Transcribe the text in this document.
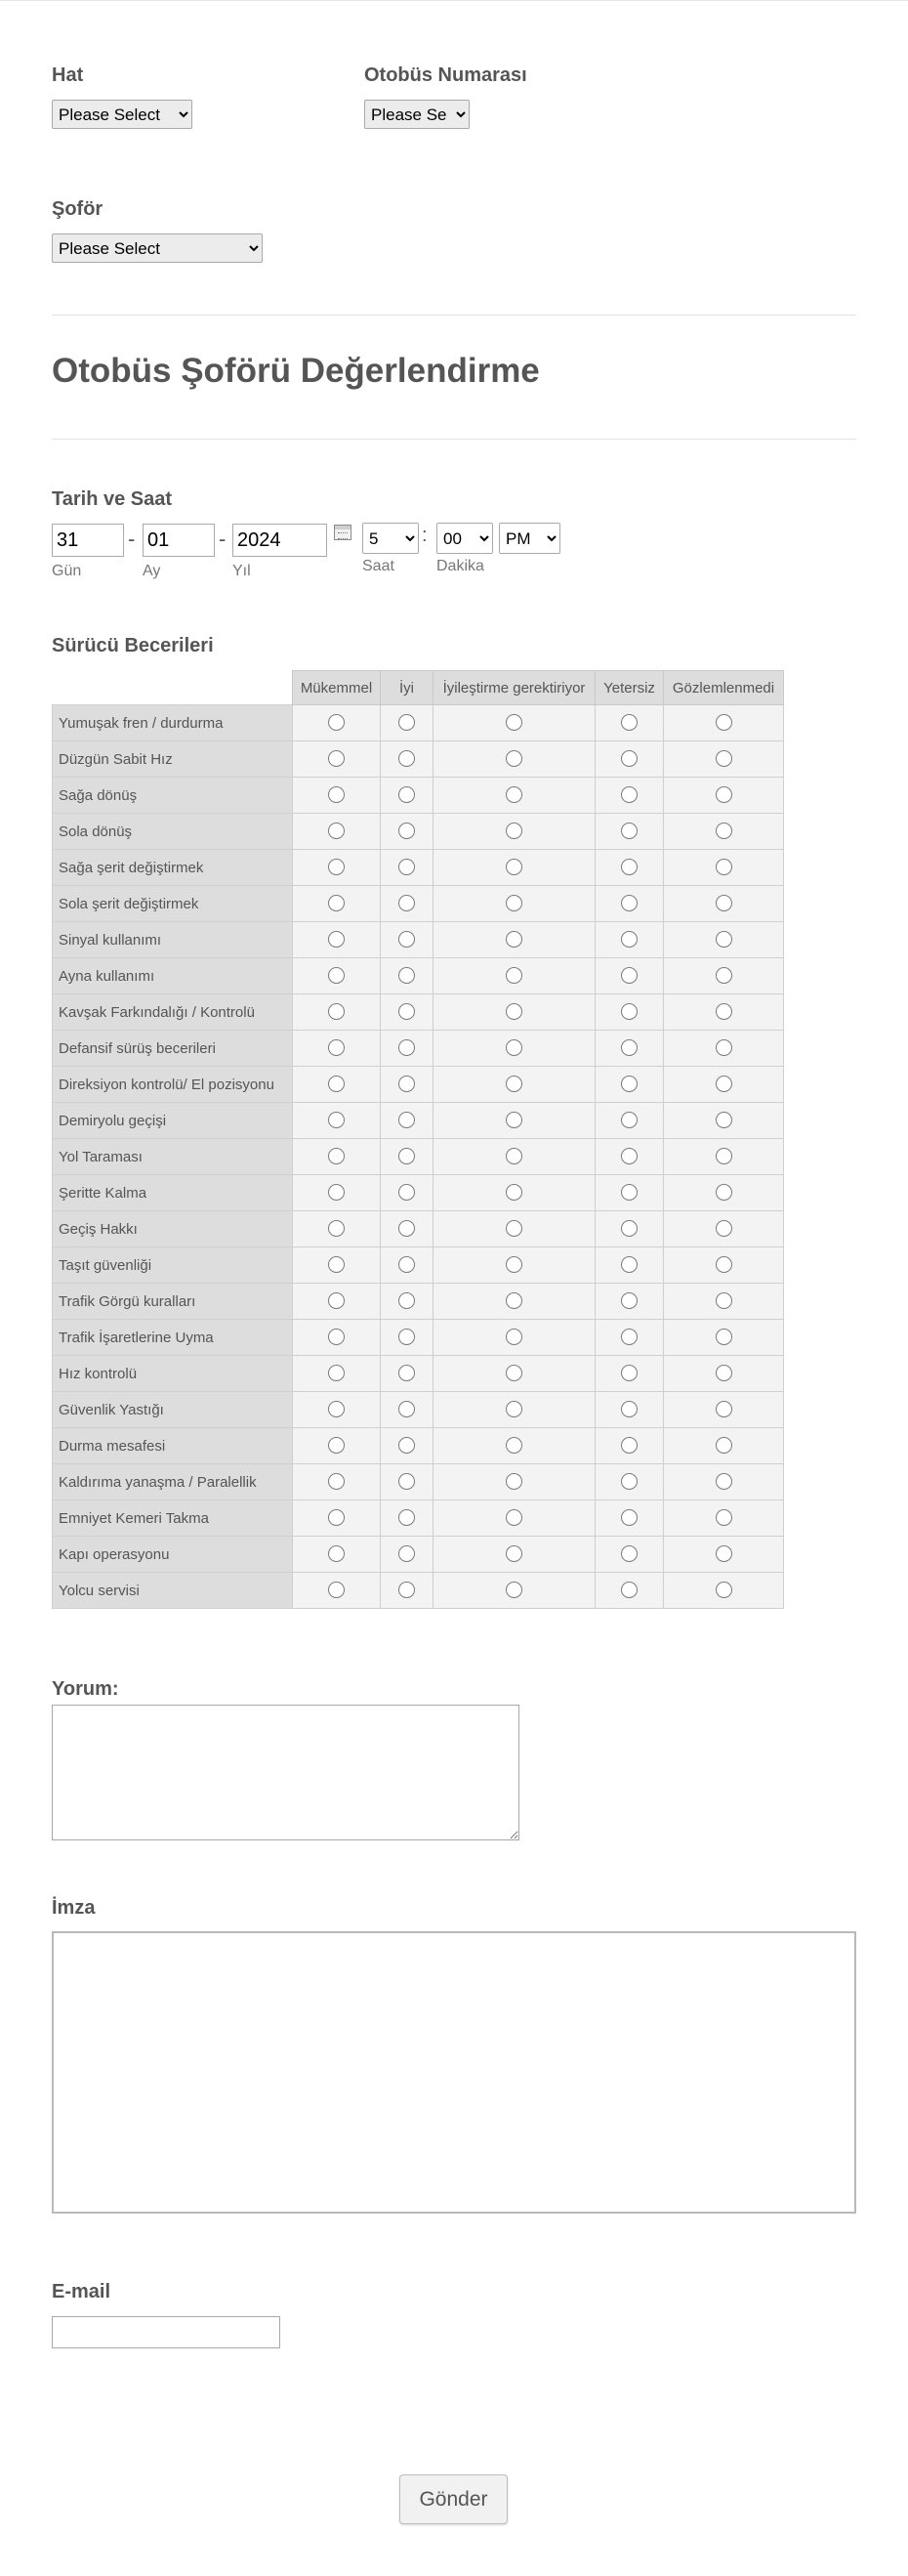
Hat
Please Select	Otobüs Numarası
Please Se
Şoför
Please Select
Otobüs Şoförü Değerlendirme
Tarih ve Saat
31
-
01	-
2024
5	:
00
PM
Gün	Ay	Yıl	Saat	Dakika
Sürücü Becerileri
	Mükemmel	İyi	İyileştirme gerektiriyor	Yetersiz	Gözlemlenmedi
Yumuşak fren / durdurma					
Düzgün Sabit Hız					
Sağa dönüş					
Sola dönüş					
Sağa şerit değiştirmek					
Sola şerit değiştirmek					
Sinyal kullanımı					
Ayna kullanımı					
Kavşak Farkındalığı / Kontrolü					
Defansif sürüş becerileri					
Direksiyon kontrolü/ El pozisyonu					
Demiryolu geçişi					
Yol Taraması					
Şeritte Kalma					
Geçiş Hakkı					
Taşıt güvenliği					
Trafik Görgü kuralları					
Trafik İşaretlerine Uyma					
Hız kontrolü					
Güvenlik Yastığı					
Durma mesafesi					
Kaldırıma yanaşma / Paralellik					
Emniyet Kemeri Takma					
Kapı operasyonu					
Yolcu servisi					
Yorum:
İmza
E-mail
Gönder
